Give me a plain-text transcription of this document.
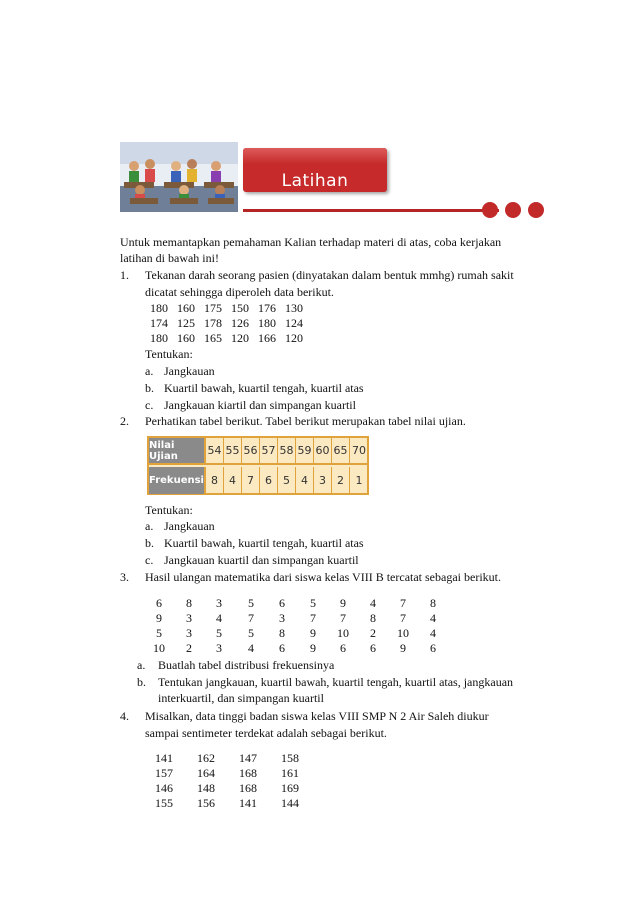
Latihan
Untuk memantapkan pemahaman Kalian terhadap materi di atas, coba kerjakan
latihan di bawah ini!
1. Tekanan darah seorang pasien (dinyatakan dalam bentuk mmhg) rumah sakit
dicatat sehingga diperoleh data berikut.
180   160   175   150   176   130
174   125   178   126   180   124
180   160   165   120   166   120
Tentukan:
a. Jangkauan
b. Kuartil bawah, kuartil tengah, kuartil atas
c. Jangkauan kiartil dan simpangan kuartil
2. Perhatikan tabel berikut. Tabel berikut merupakan tabel nilai ujian.
Nilai Ujian	54 55 56 57 58 59 60 65 70
Frekuensi 8	4	7	6	5	4	3	2	1
Tentukan:
a. Jangkauan
b. Kuartil bawah, kuartil tengah, kuartil atas
c. Jangkauan kuartil dan simpangan kuartil
3. Hasil ulangan matematika dari siswa kelas VIII B tercatat sebagai berikut.
6	8	3	5	6	5	9	4	7	8
9	3	4	7	3	7	7	8	7	4
5	3	5	5	8	9	10	2	10	4
10	2	3	4	6	9	6	6	9	6
a. Buatlah tabel distribusi frekuensinya
b. Tentukan jangkauan, kuartil bawah, kuartil tengah, kuartil atas, jangkauan
interkuartil, dan simpangan kuartil
4. Misalkan, data tinggi badan siswa kelas VIII SMP N 2 Air Saleh diukur
sampai sentimeter terdekat adalah sebagai berikut.
141	162	147	158
157	164	168	161
146	148	168	169
155	156	141	144
